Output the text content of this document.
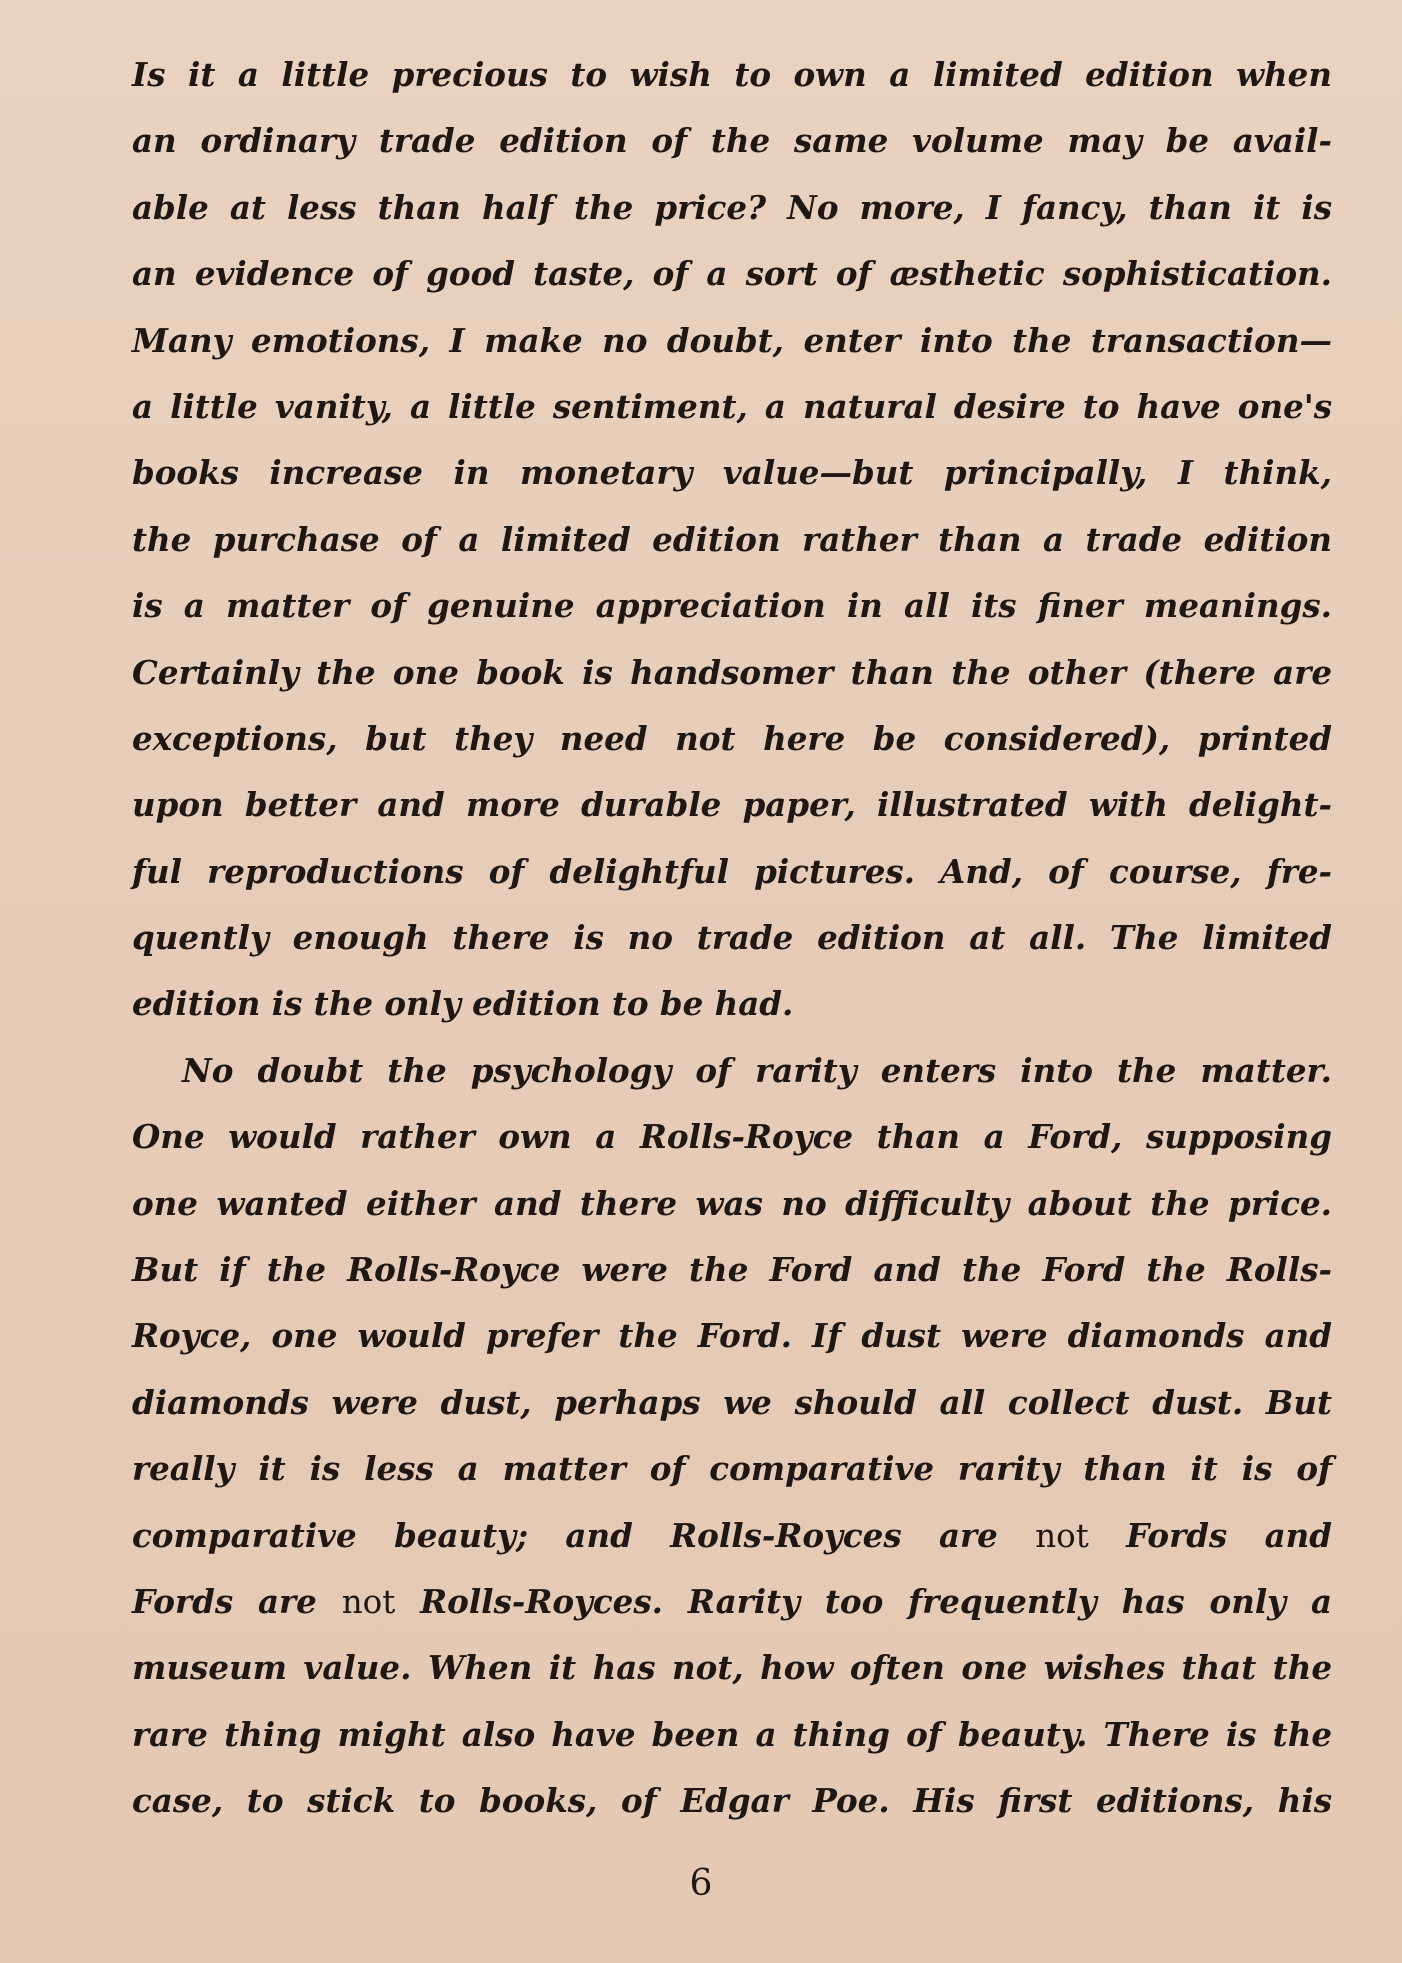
Is it a little precious to wish to own a limited edition when
an ordinary trade edition of the same volume may be avail-
able at less than half the price? No more, I fancy, than it is
an evidence of good taste, of a sort of æsthetic sophistication.
Many emotions, I make no doubt, enter into the transaction—
a little vanity, a little sentiment, a natural desire to have one's
books increase in monetary value—but principally, I think,
the purchase of a limited edition rather than a trade edition
is a matter of genuine appreciation in all its finer meanings.
Certainly the one book is handsomer than the other (there are
exceptions, but they need not here be considered), printed
upon better and more durable paper, illustrated with delight-
ful reproductions of delightful pictures. And, of course, fre-
quently enough there is no trade edition at all. The limited
edition is the only edition to be had.
No doubt the psychology of rarity enters into the matter.
One would rather own a Rolls-Royce than a Ford, supposing
one wanted either and there was no difficulty about the price.
But if the Rolls-Royce were the Ford and the Ford the Rolls-
Royce, one would prefer the Ford. If dust were diamonds and
diamonds were dust, perhaps we should all collect dust. But
really it is less a matter of comparative rarity than it is of
comparative beauty; and Rolls-Royces are not Fords and
Fords are not Rolls-Royces. Rarity too frequently has only a
museum value. When it has not, how often one wishes that the
rare thing might also have been a thing of beauty. There is the
case, to stick to books, of Edgar Poe. His first editions, his
6
